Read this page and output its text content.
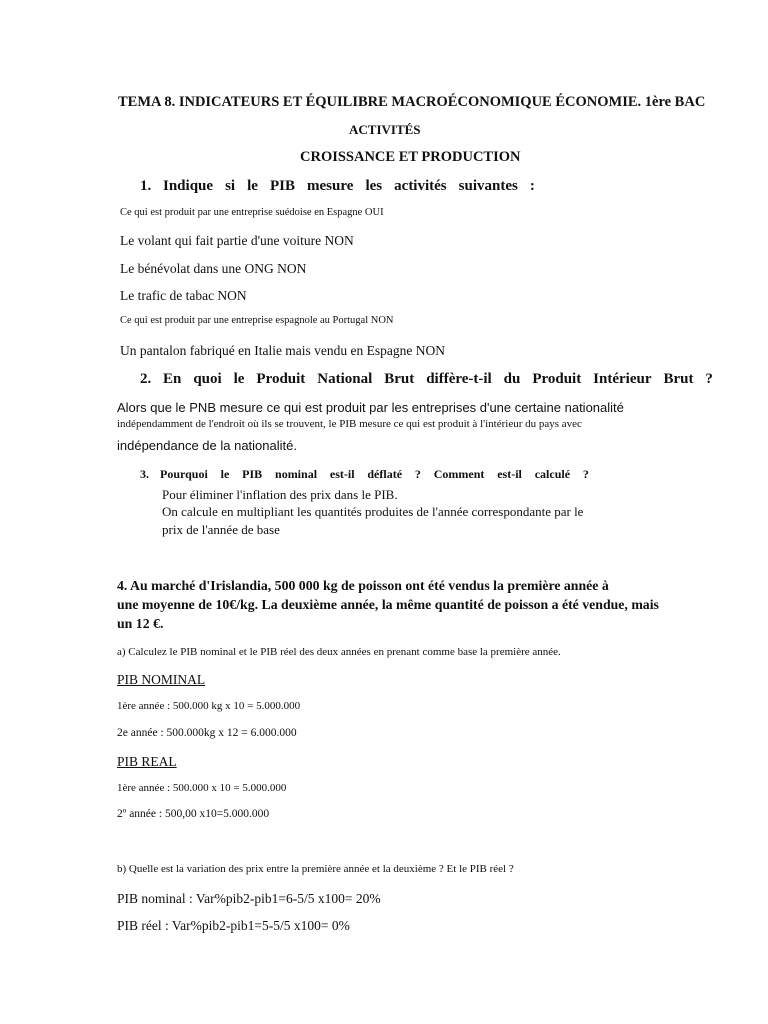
TEMA 8. INDICATEURS ET ÉQUILIBRE MACROÉCONOMIQUE ÉCONOMIE. 1ère BAC

ACTIVITÉS

CROISSANCE ET PRODUCTION

1. Indique si le PIB mesure les activités suivantes :

Ce qui est produit par une entreprise suédoise en Espagne OUI

Le volant qui fait partie d'une voiture NON

Le bénévolat dans une ONG NON

Le trafic de tabac NON

Ce qui est produit par une entreprise espagnole au Portugal NON

Un pantalon fabriqué en Italie mais vendu en Espagne NON

2. En quoi le Produit National Brut diffère-t-il du Produit Intérieur Brut ?

Alors que le PNB mesure ce qui est produit par les entreprises d'une certaine nationalité

indépendamment de l'endroit où ils se trouvent, le PIB mesure ce qui est produit à l'intérieur du pays avec

indépendance de la nationalité.

3. Pourquoi le PIB nominal est-il déflaté ? Comment est-il calculé ?

Pour éliminer l'inflation des prix dans le PIB.

On calcule en multipliant les quantités produites de l'année correspondante par le

prix de l'année de base

4. Au marché d'Irislandia, 500 000 kg de poisson ont été vendus la première année à

une moyenne de 10€/kg. La deuxième année, la même quantité de poisson a été vendue, mais

un 12 €.

a) Calculez le PIB nominal et le PIB réel des deux années en prenant comme base la première année.

PIB NOMINAL

1ère année : 500.000 kg x 10 = 5.000.000

2e année : 500.000kg x 12 = 6.000.000

PIB REAL

1ère année : 500.000 x 10 = 5.000.000

2º année : 500,00 x10=5.000.000

b) Quelle est la variation des prix entre la première année et la deuxième ? Et le PIB réel ?

PIB nominal : Var%pib2-pib1=6-5/5 x100= 20%

PIB réel : Var%pib2-pib1=5-5/5 x100= 0%
